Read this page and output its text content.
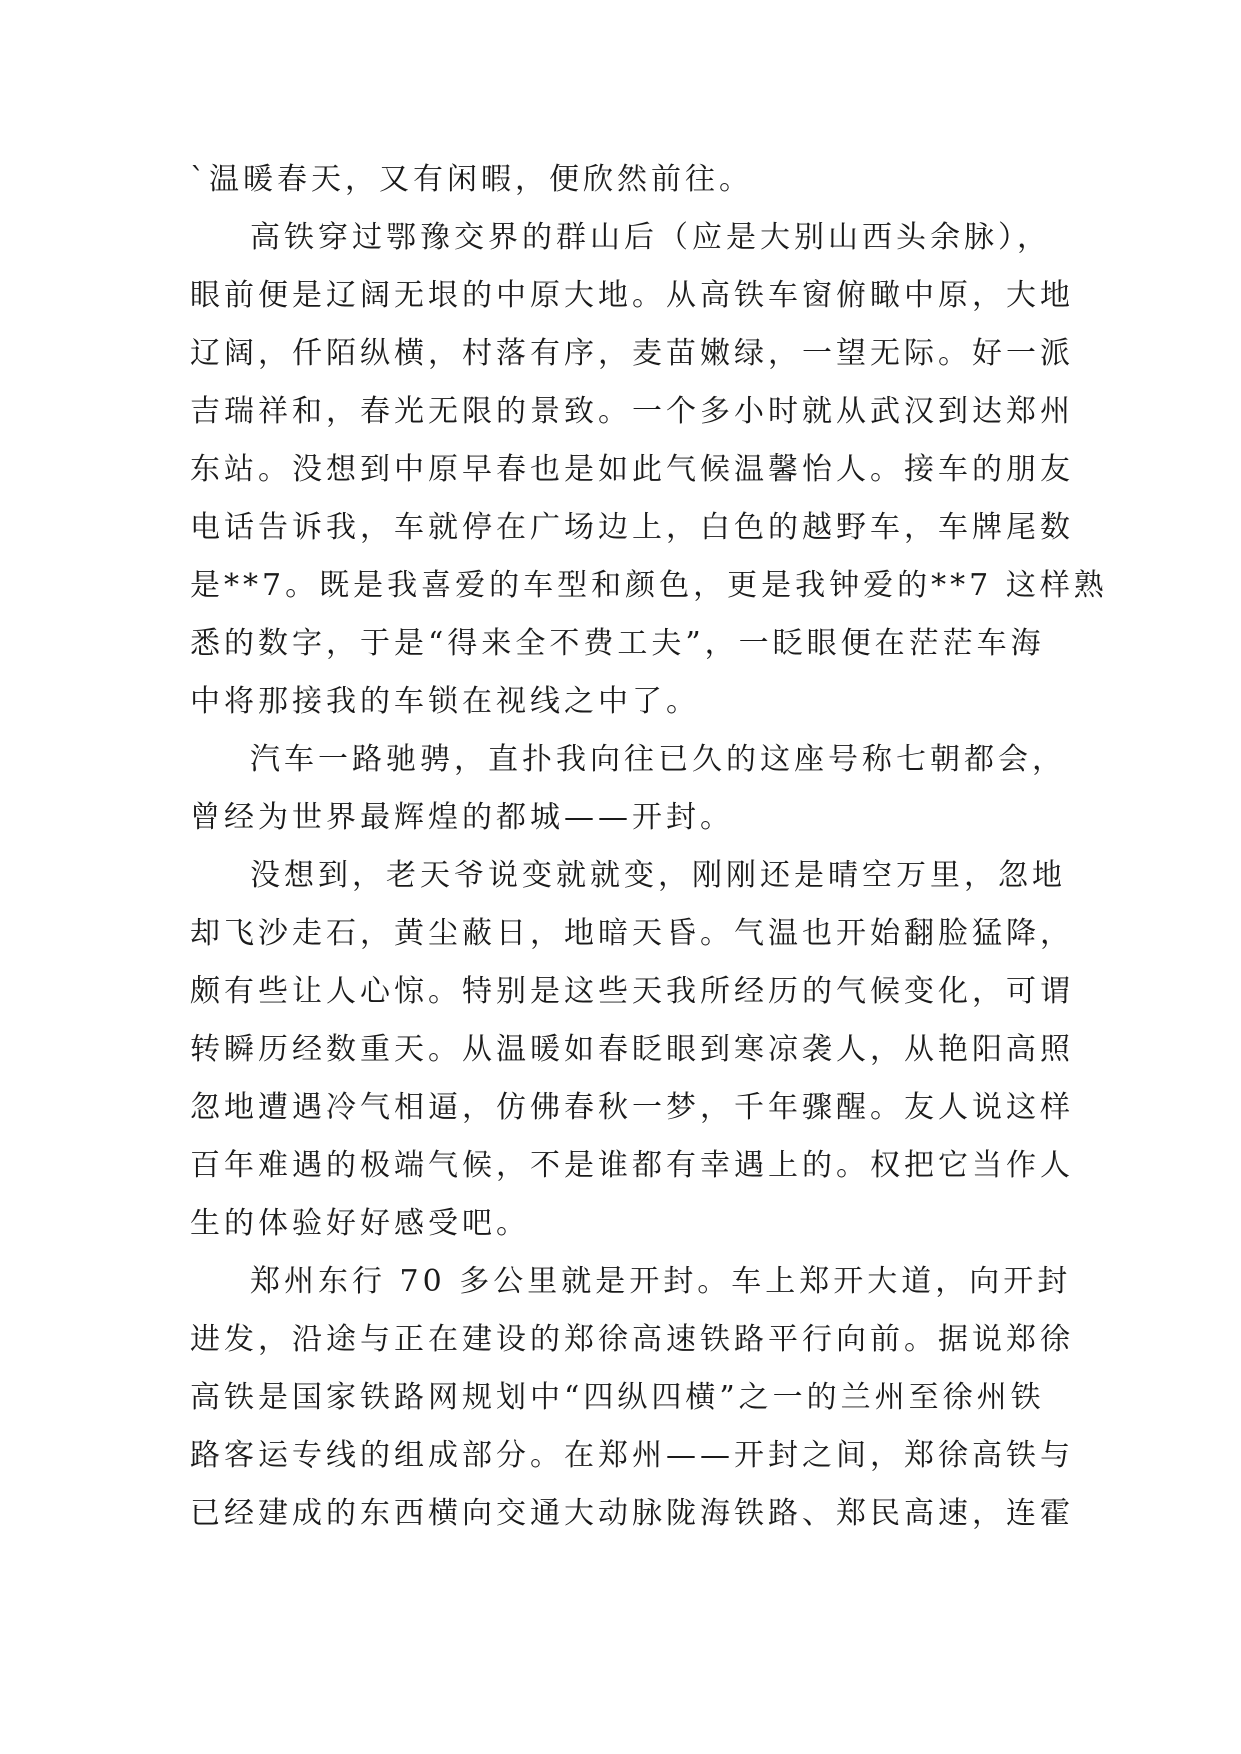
`温暖春天，又有闲暇，便欣然前往。
高铁穿过鄂豫交界的群山后（应是大别山西头余脉），
眼前便是辽阔无垠的中原大地。从高铁车窗俯瞰中原，大地
辽阔，仟陌纵横，村落有序，麦苗嫩绿，一望无际。好一派
吉瑞祥和，春光无限的景致。一个多小时就从武汉到达郑州
东站。没想到中原早春也是如此气候温馨怡人。接车的朋友
电话告诉我，车就停在广场边上，白色的越野车，车牌尾数
是**7。既是我喜爱的车型和颜色，更是我钟爱的**7 这样熟
悉的数字，于是“得来全不费工夫”，一眨眼便在茫茫车海
中将那接我的车锁在视线之中了。
汽车一路驰骋，直扑我向往已久的这座号称七朝都会，
曾经为世界最辉煌的都城——开封。
没想到，老天爷说变就就变，刚刚还是晴空万里，忽地
却飞沙走石，黄尘蔽日，地暗天昏。气温也开始翻脸猛降，
颇有些让人心惊。特别是这些天我所经历的气候变化，可谓
转瞬历经数重天。从温暖如春眨眼到寒凉袭人，从艳阳高照
忽地遭遇冷气相逼，仿佛春秋一梦，千年骤醒。友人说这样
百年难遇的极端气候，不是谁都有幸遇上的。权把它当作人
生的体验好好感受吧。
郑州东行 70 多公里就是开封。车上郑开大道，向开封
进发，沿途与正在建设的郑徐高速铁路平行向前。据说郑徐
高铁是国家铁路网规划中“四纵四横”之一的兰州至徐州铁
路客运专线的组成部分。在郑州——开封之间，郑徐高铁与
已经建成的东西横向交通大动脉陇海铁路、郑民高速，连霍
